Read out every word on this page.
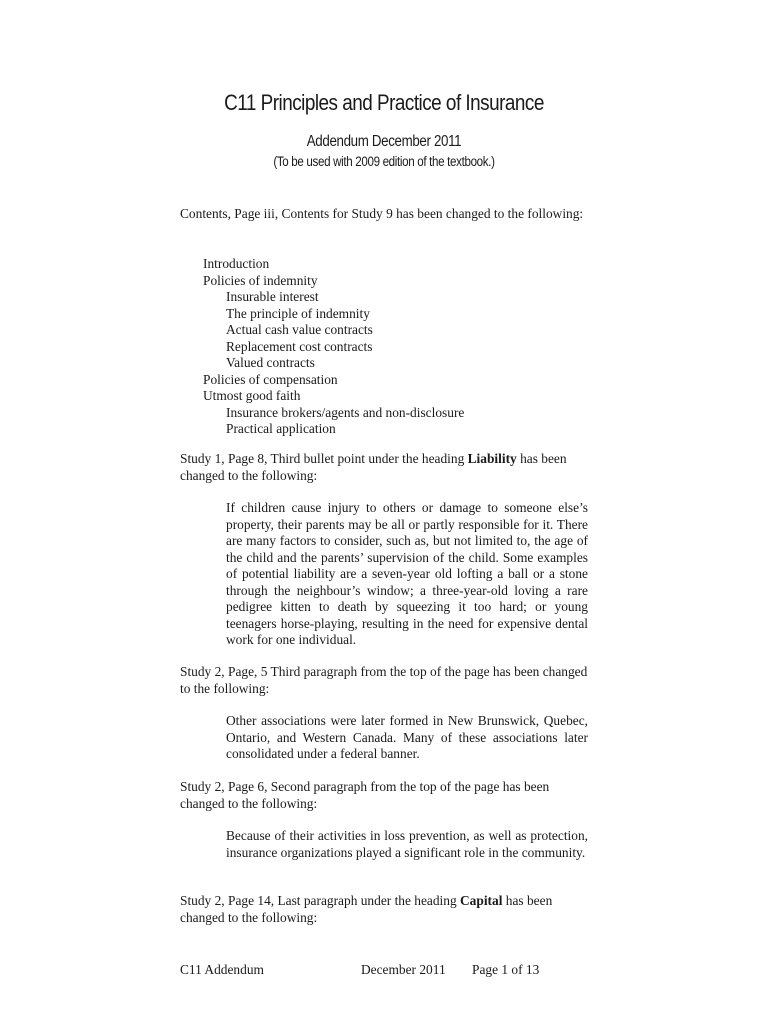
C11 Principles and Practice of Insurance
Addendum December 2011
(To be used with 2009 edition of the textbook.)

Contents, Page iii, Contents for Study 9 has been changed to the following:

Introduction
Policies of indemnity
Insurable interest
The principle of indemnity
Actual cash value contracts
Replacement cost contracts
Valued contracts
Policies of compensation
Utmost good faith
Insurance brokers/agents and non-disclosure
Practical application

Study 1, Page 8, Third bullet point under the heading Liability has been changed to the following:

If children cause injury to others or damage to someone else’s property, their parents may be all or partly responsible for it. There are many factors to consider, such as, but not limited to, the age of the child and the parents’ supervision of the child. Some examples of potential liability are a seven-year old lofting a ball or a stone through the neighbour’s window; a three-year-old loving a rare pedigree kitten to death by squeezing it too hard; or young teenagers horse-playing, resulting in the need for expensive dental work for one individual.

Study 2, Page, 5 Third paragraph from the top of the page has been changed to the following:

Other associations were later formed in New Brunswick, Quebec, Ontario, and Western Canada. Many of these associations later consolidated under a federal banner.

Study 2, Page 6, Second paragraph from the top of the page has been changed to the following:

Because of their activities in loss prevention, as well as protection, insurance organizations played a significant role in the community.

Study 2, Page 14, Last paragraph under the heading Capital has been changed to the following:

C11 Addendum	December 2011 Page 1 of 13
